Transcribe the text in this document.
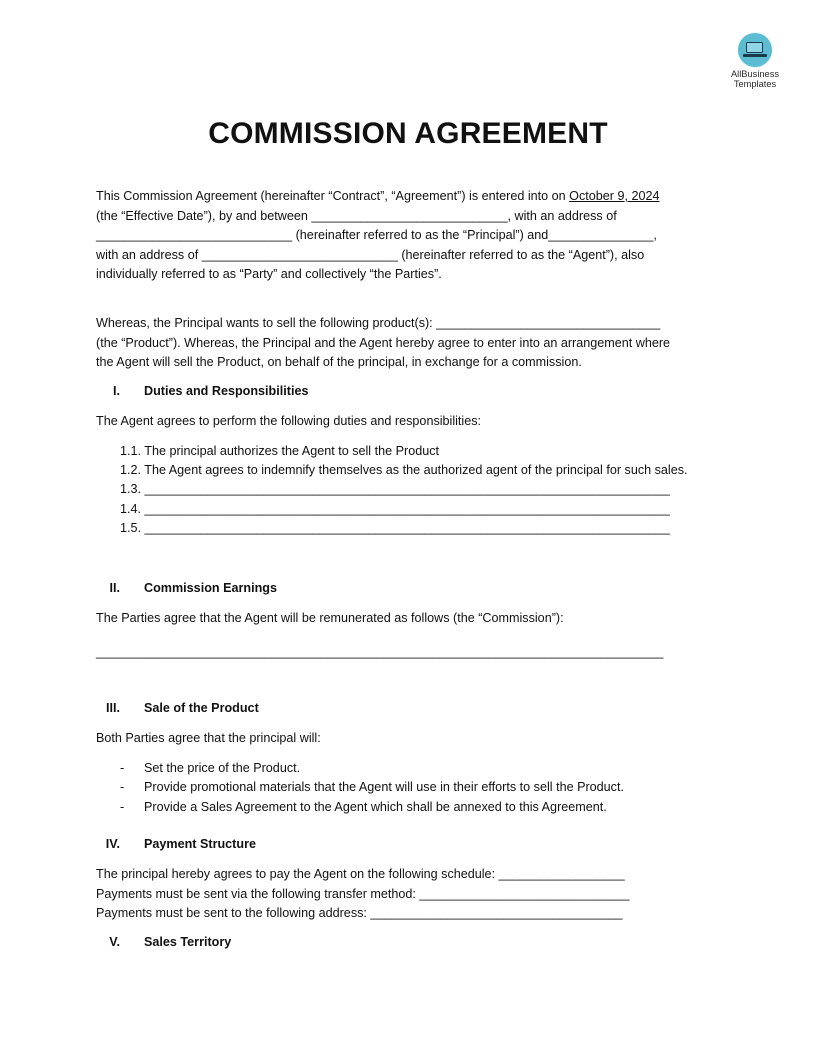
AllBusiness
Templates
COMMISSION AGREEMENT
This Commission Agreement (hereinafter “Contract”, “Agreement”) is entered into on October 9, 2024
(the “Effective Date”), by and between ____________________________, with an address of
____________________________ (hereinafter referred to as the “Principal”) and_______________,
with an address of ____________________________ (hereinafter referred to as the “Agent”), also
individually referred to as “Party” and collectively “the Parties”.
Whereas, the Principal wants to sell the following product(s): ________________________________
(the “Product”). Whereas, the Principal and the Agent hereby agree to enter into an arrangement where
the Agent will sell the Product, on behalf of the principal, in exchange for a commission.
I. Duties and Responsibilities
The Agent agrees to perform the following duties and responsibilities:
1.1. The principal authorizes the Agent to sell the Product
1.2. The Agent agrees to indemnify themselves as the authorized agent of the principal for such sales.
1.3. ___________________________________________________________________________
1.4. ___________________________________________________________________________
1.5. ___________________________________________________________________________
II. Commission Earnings
The Parties agree that the Agent will be remunerated as follows (the “Commission”):
_________________________________________________________________________________
III. Sale of the Product
Both Parties agree that the principal will:
- Set the price of the Product.
- Provide promotional materials that the Agent will use in their efforts to sell the Product.
- Provide a Sales Agreement to the Agent which shall be annexed to this Agreement.
IV. Payment Structure
The principal hereby agrees to pay the Agent on the following schedule: __________________
Payments must be sent via the following transfer method: ______________________________
Payments must be sent to the following address: ____________________________________
V. Sales Territory
